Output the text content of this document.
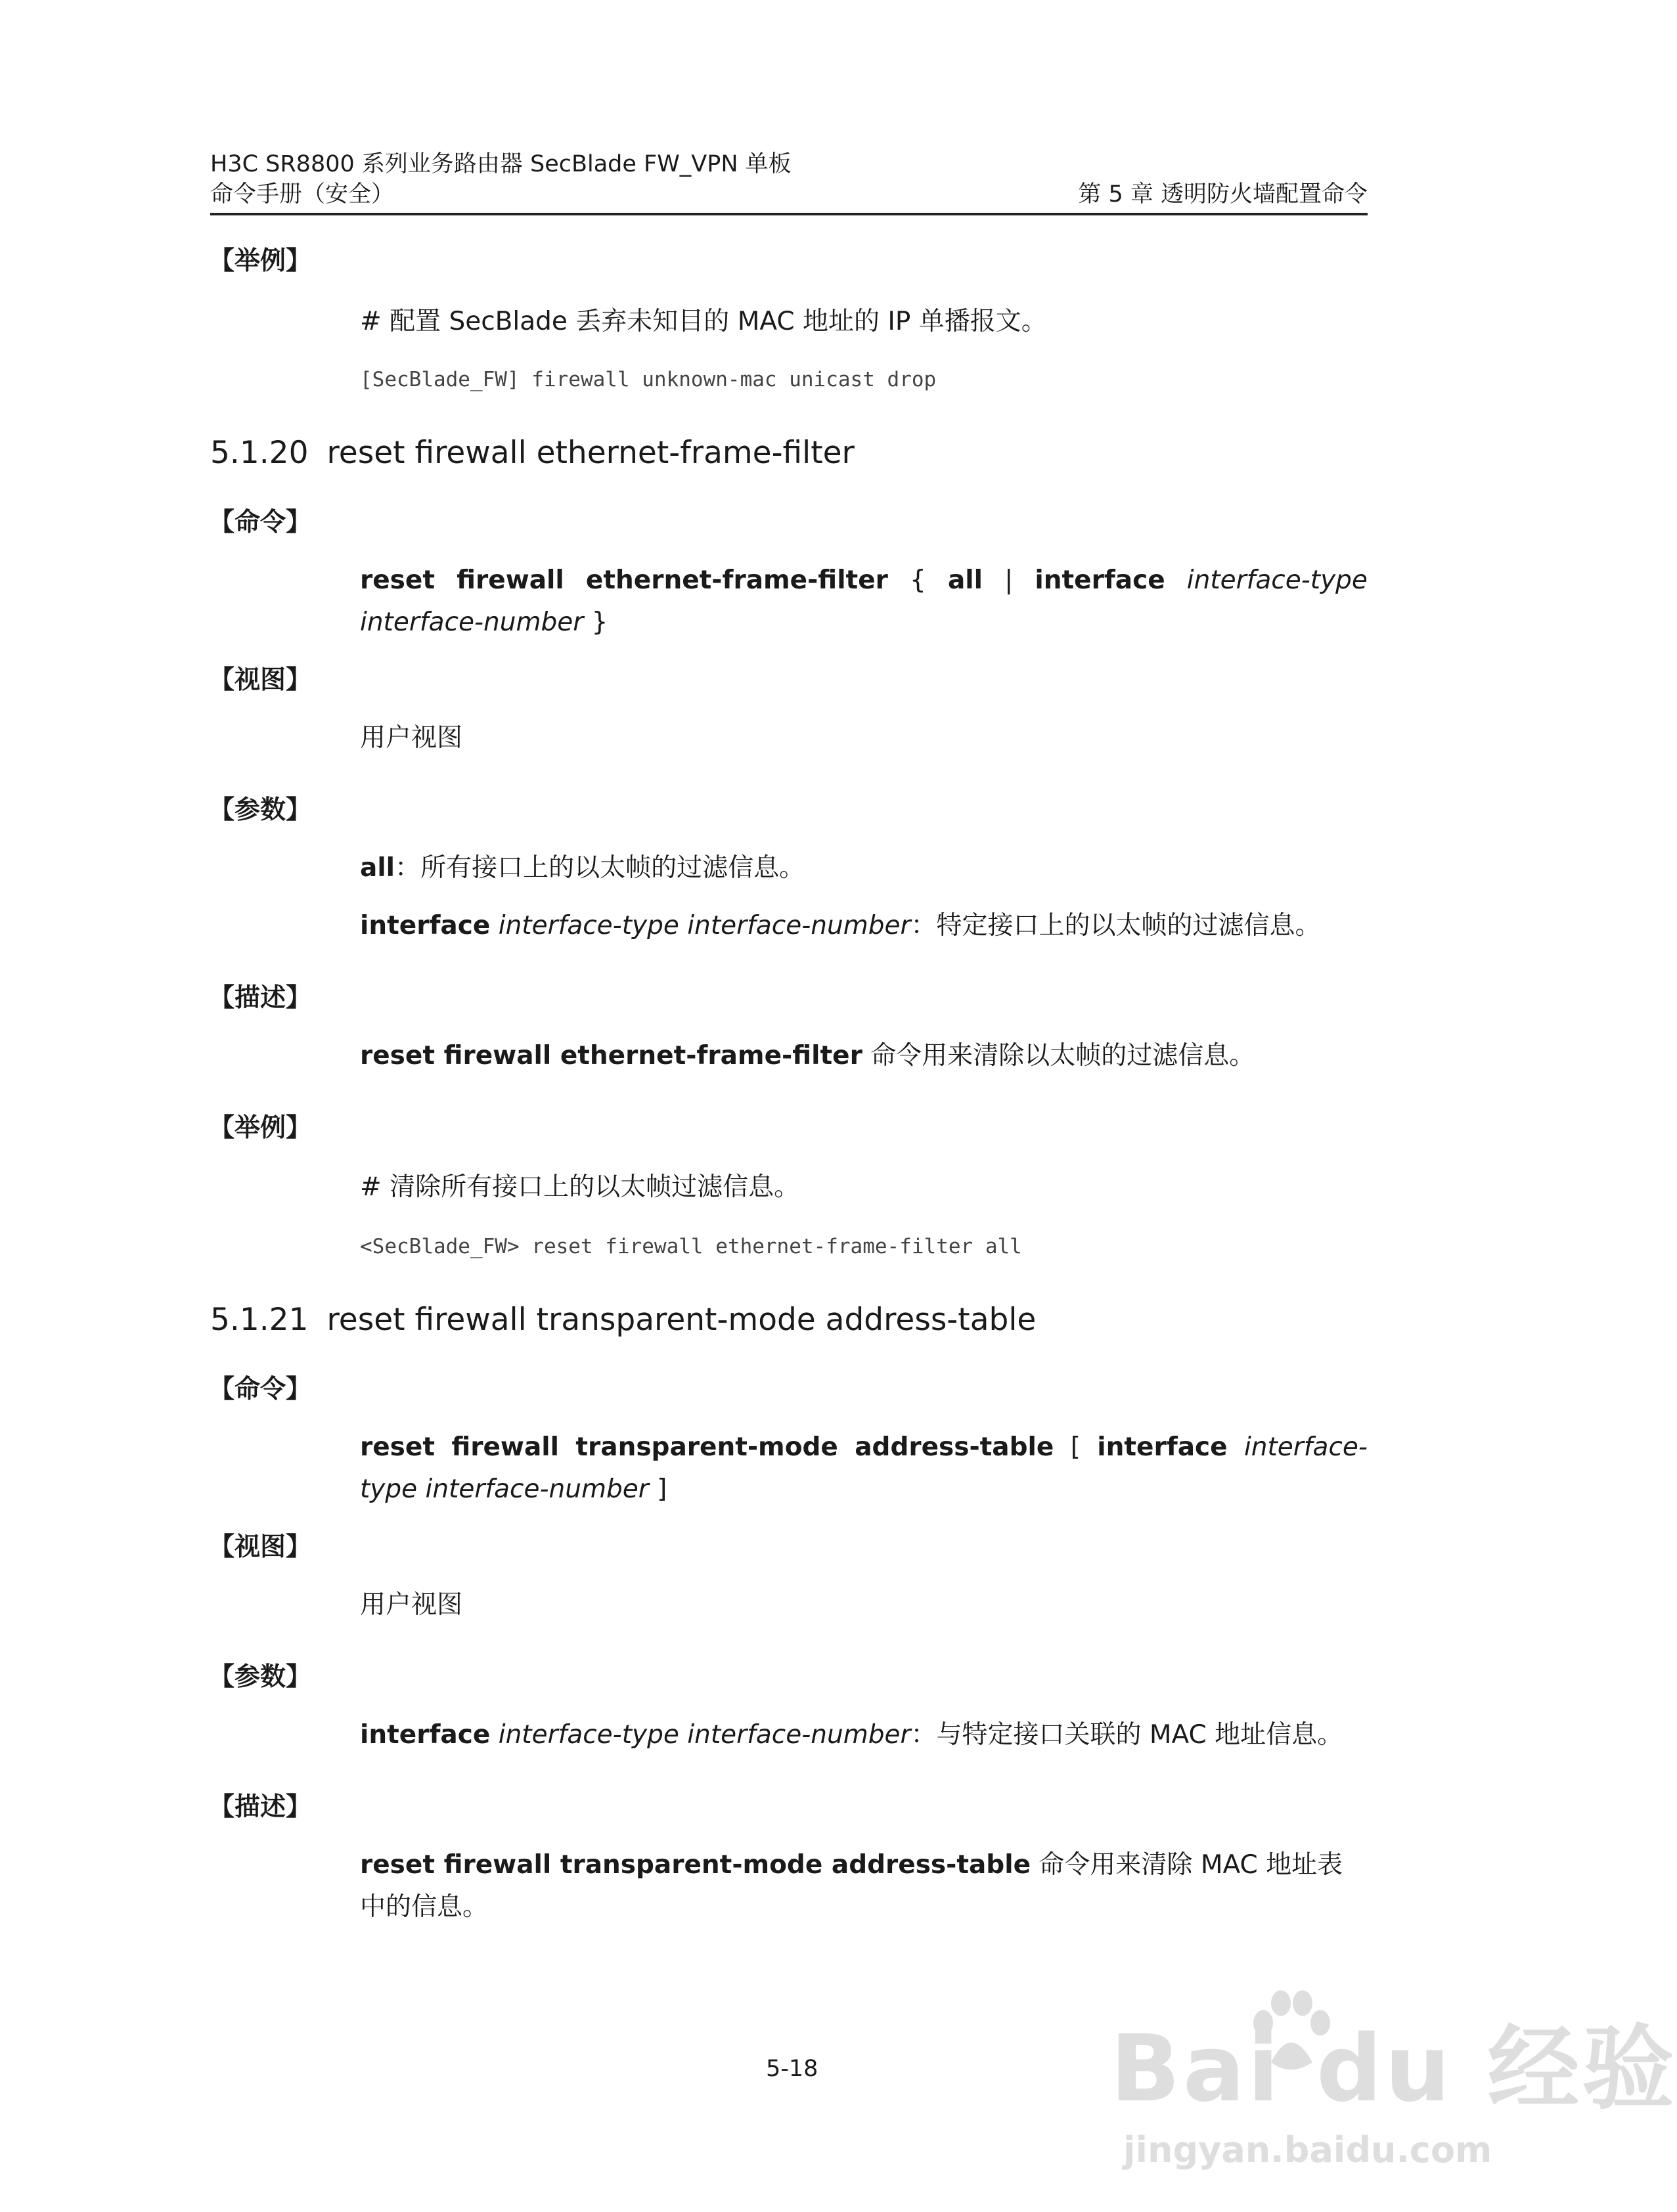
H3C SR8800 系列业务路由器 SecBlade FW_VPN 单板
命令手册（安全）	第 5 章 透明防火墙配置命令
【举例】
# 配置 SecBlade 丢弃未知目的 MAC 地址的 IP 单播报文。
[SecBlade_FW] firewall unknown-mac unicast drop
5.1.20 reset firewall ethernet-frame-filter
【命令】
reset firewall ethernet-frame-filter { all | interface interface-type interface-number }
【视图】
用户视图
【参数】
all：所有接口上的以太帧的过滤信息。
interface interface-type interface-number：特定接口上的以太帧的过滤信息。
【描述】
reset firewall ethernet-frame-filter 命令用来清除以太帧的过滤信息。
【举例】
# 清除所有接口上的以太帧过滤信息。
<SecBlade_FW> reset firewall ethernet-frame-filter all
5.1.21 reset firewall transparent-mode address-table
【命令】
reset firewall transparent-mode address-table [ interface interface-type interface-number ]
【视图】
用户视图
【参数】
interface interface-type interface-number：与特定接口关联的 MAC 地址信息。
【描述】
reset firewall transparent-mode address-table 命令用来清除 MAC 地址表中的信息。
5-18	Bai du 经验
jingyan.baidu.com
